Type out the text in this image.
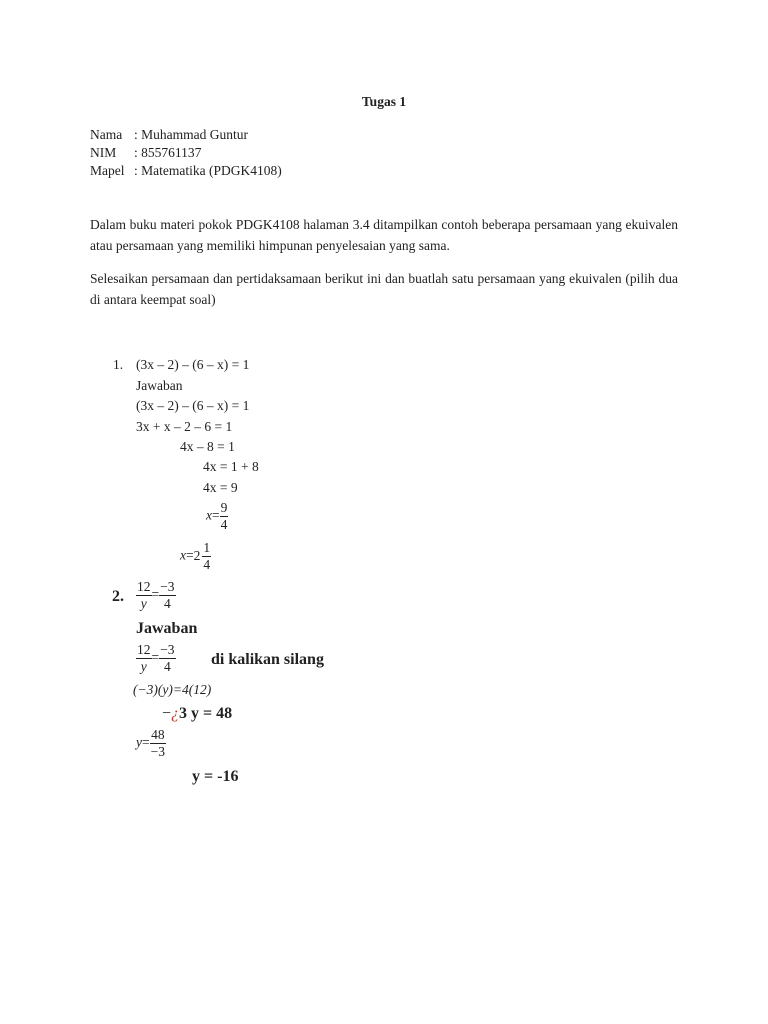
Tugas 1
Nama : Muhammad Guntur
NIM : 855761137
Mapel : Matematika (PDGK4108)
Dalam buku materi pokok PDGK4108 halaman 3.4 ditampilkan contoh beberapa persamaan yang ekuivalen atau persamaan yang memiliki himpunan penyelesaian yang sama.
Selesaikan persamaan dan pertidaksamaan berikut ini dan buatlah satu persamaan yang ekuivalen (pilih dua di antara keempat soal)
1. (3x – 2) – (6 – x) = 1
Jawaban
(3x – 2) – (6 – x) = 1
3x + x – 2 – 6 = 1
4x – 8 = 1
4x = 1 + 8
4x = 9
$x= \frac{9}{4}$
$x=2 \frac{1}{4}$
2. $\frac{12}{y} = \frac{-3}{4}$
Jawaban
$\frac{12}{y} = \frac{-3}{4}$ di kalikan silang
(−3)(y)=4(12)
−¿3 y = 48
$y= \frac{48}{-3}$
y = -16
